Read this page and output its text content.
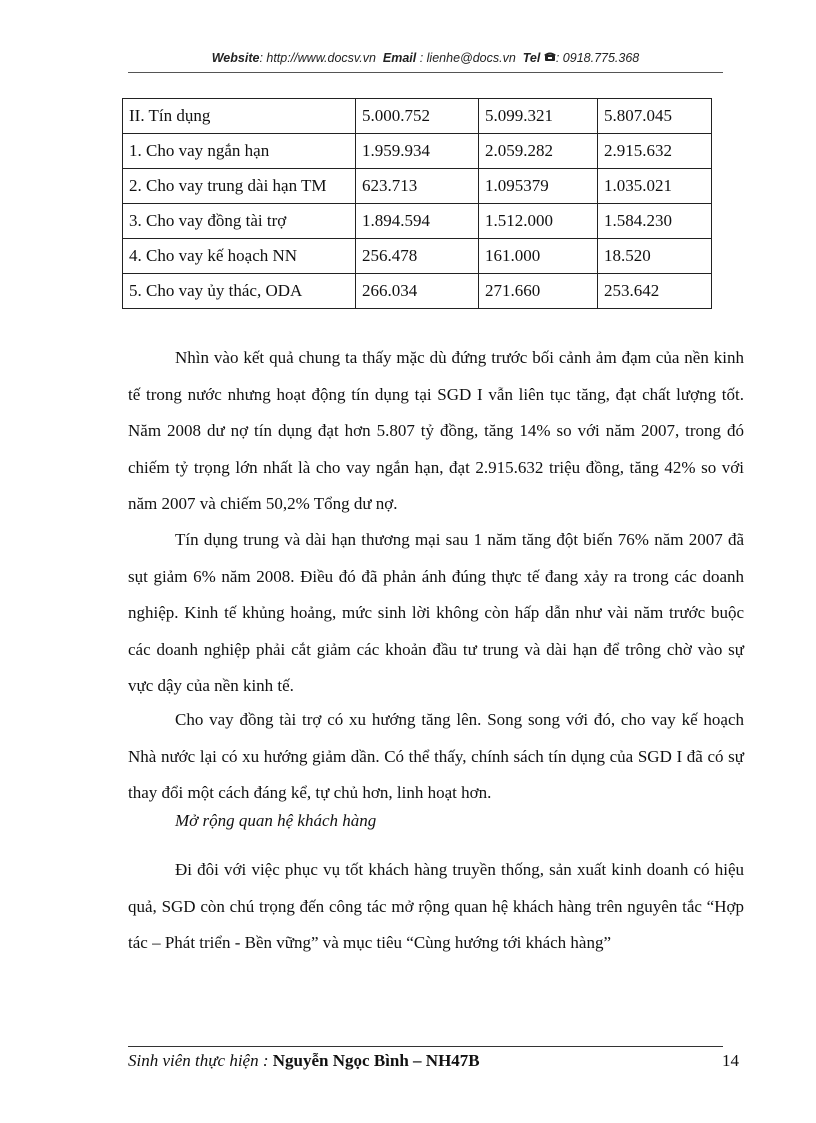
Website: http://www.docsv.vn Email : lienhe@docs.vn Tel : 0918.775.368
II. Tín dụng	5.000.752	5.099.321	5.807.045
1. Cho vay ngắn hạn	1.959.934	2.059.282	2.915.632
2. Cho vay trung dài hạn TM	623.713	1.095379	1.035.021
3. Cho vay đồng tài trợ	1.894.594	1.512.000	1.584.230
4. Cho vay kế hoạch NN	256.478	161.000	18.520
5. Cho vay ủy thác, ODA	266.034	271.660	253.642

Nhìn vào kết quả chung ta thấy mặc dù đứng trước bối cảnh ảm đạm của nền kinh tế trong nước nhưng hoạt động tín dụng tại SGD I vẫn liên tục tăng, đạt chất lượng tốt. Năm 2008 dư nợ tín dụng đạt hơn 5.807 tỷ đồng, tăng 14% so với năm 2007, trong đó chiếm tỷ trọng lớn nhất là cho vay ngắn hạn, đạt 2.915.632 triệu đồng, tăng 42% so với năm 2007 và chiếm 50,2% Tổng dư nợ.

Tín dụng trung và dài hạn thương mại sau 1 năm tăng đột biến 76% năm 2007 đã sụt giảm 6% năm 2008. Điều đó đã phản ánh đúng thực tế đang xảy ra trong các doanh nghiệp. Kinh tế khủng hoảng, mức sinh lời không còn hấp dẫn như vài năm trước buộc các doanh nghiệp phải cắt giảm các khoản đầu tư trung và dài hạn để trông chờ vào sự vực dậy của nền kinh tế.

Cho vay đồng tài trợ có xu hướng tăng lên. Song song với đó, cho vay kế hoạch Nhà nước lại có xu hướng giảm dần. Có thể thấy, chính sách tín dụng của SGD I đã có sự thay đổi một cách đáng kể, tự chủ hơn, linh hoạt hơn.

Mở rộng quan hệ khách hàng

Đi đôi với việc phục vụ tốt khách hàng truyền thống, sản xuất kinh doanh có hiệu quả, SGD còn chú trọng đến công tác mở rộng quan hệ khách hàng trên nguyên tắc “Hợp tác – Phát triển - Bền vững” và mục tiêu “Cùng hướng tới khách hàng”

Sinh viên thực hiện : Nguyễn Ngọc Bình – NH47B	14
